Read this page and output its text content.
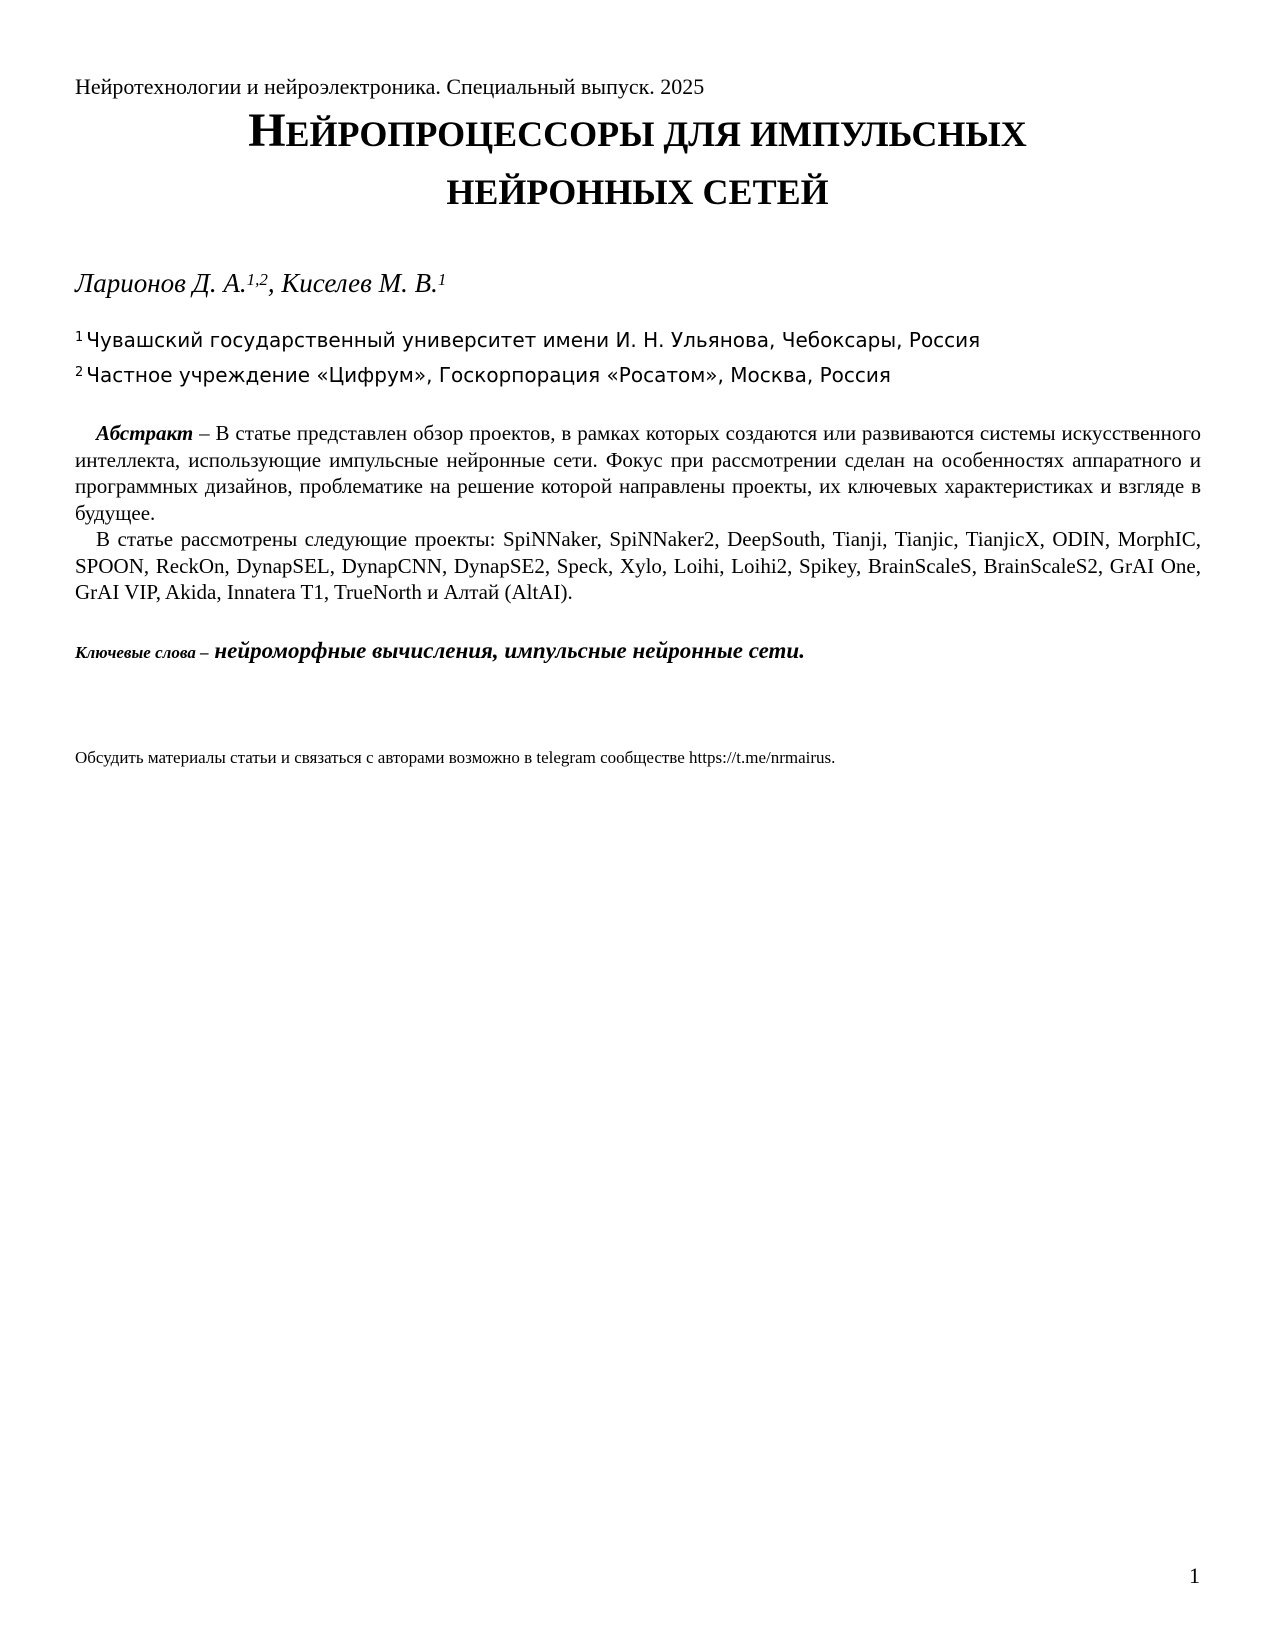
Нейротехнологии и нейроэлектроника. Специальный выпуск. 2025
НЕЙРОПРОЦЕССОРЫ ДЛЯ ИМПУЛЬСНЫХ
НЕЙРОННЫХ СЕТЕЙ
Ларионов Д. А.$^{1,2}$, Киселев М. В.$^1$
$^1$ Чувашский государственный университет имени И. Н. Ульянова, Чебоксары, Россия
$^2$ Частное учреждение «Цифрум», Госкорпорация «Росатом», Москва, Россия

Абстракт – В статье представлен обзор проектов, в рамках которых создаются или развиваются системы искусственного интеллекта, использующие импульсные нейронные сети. Фокус при рассмотрении сделан на особенностях аппаратного и программных дизайнов, проблематике на решение которой направлены проекты, их ключевых характеристиках и взгляде в будущее.

В статье рассмотрены следующие проекты: SpiNNaker, SpiNNaker2, DeepSouth, Tianji, Tianjic, TianjicX, ODIN, MorphIC, SPOON, ReckOn, DynapSEL, DynapCNN, DynapSE2, Speck, Xylo, Loihi, Loihi2, Spikey, BrainScaleS, BrainScaleS2, GrAI One, GrAI VIP, Akida, Innatera T1, TrueNorth и Алтай (AltAI).

Ключевые слова – нейроморфные вычисления, импульсные нейронные сети.
Обсудить материалы статьи и связаться с авторами возможно в telegram сообществе https://t.me/nrmairus.
1
